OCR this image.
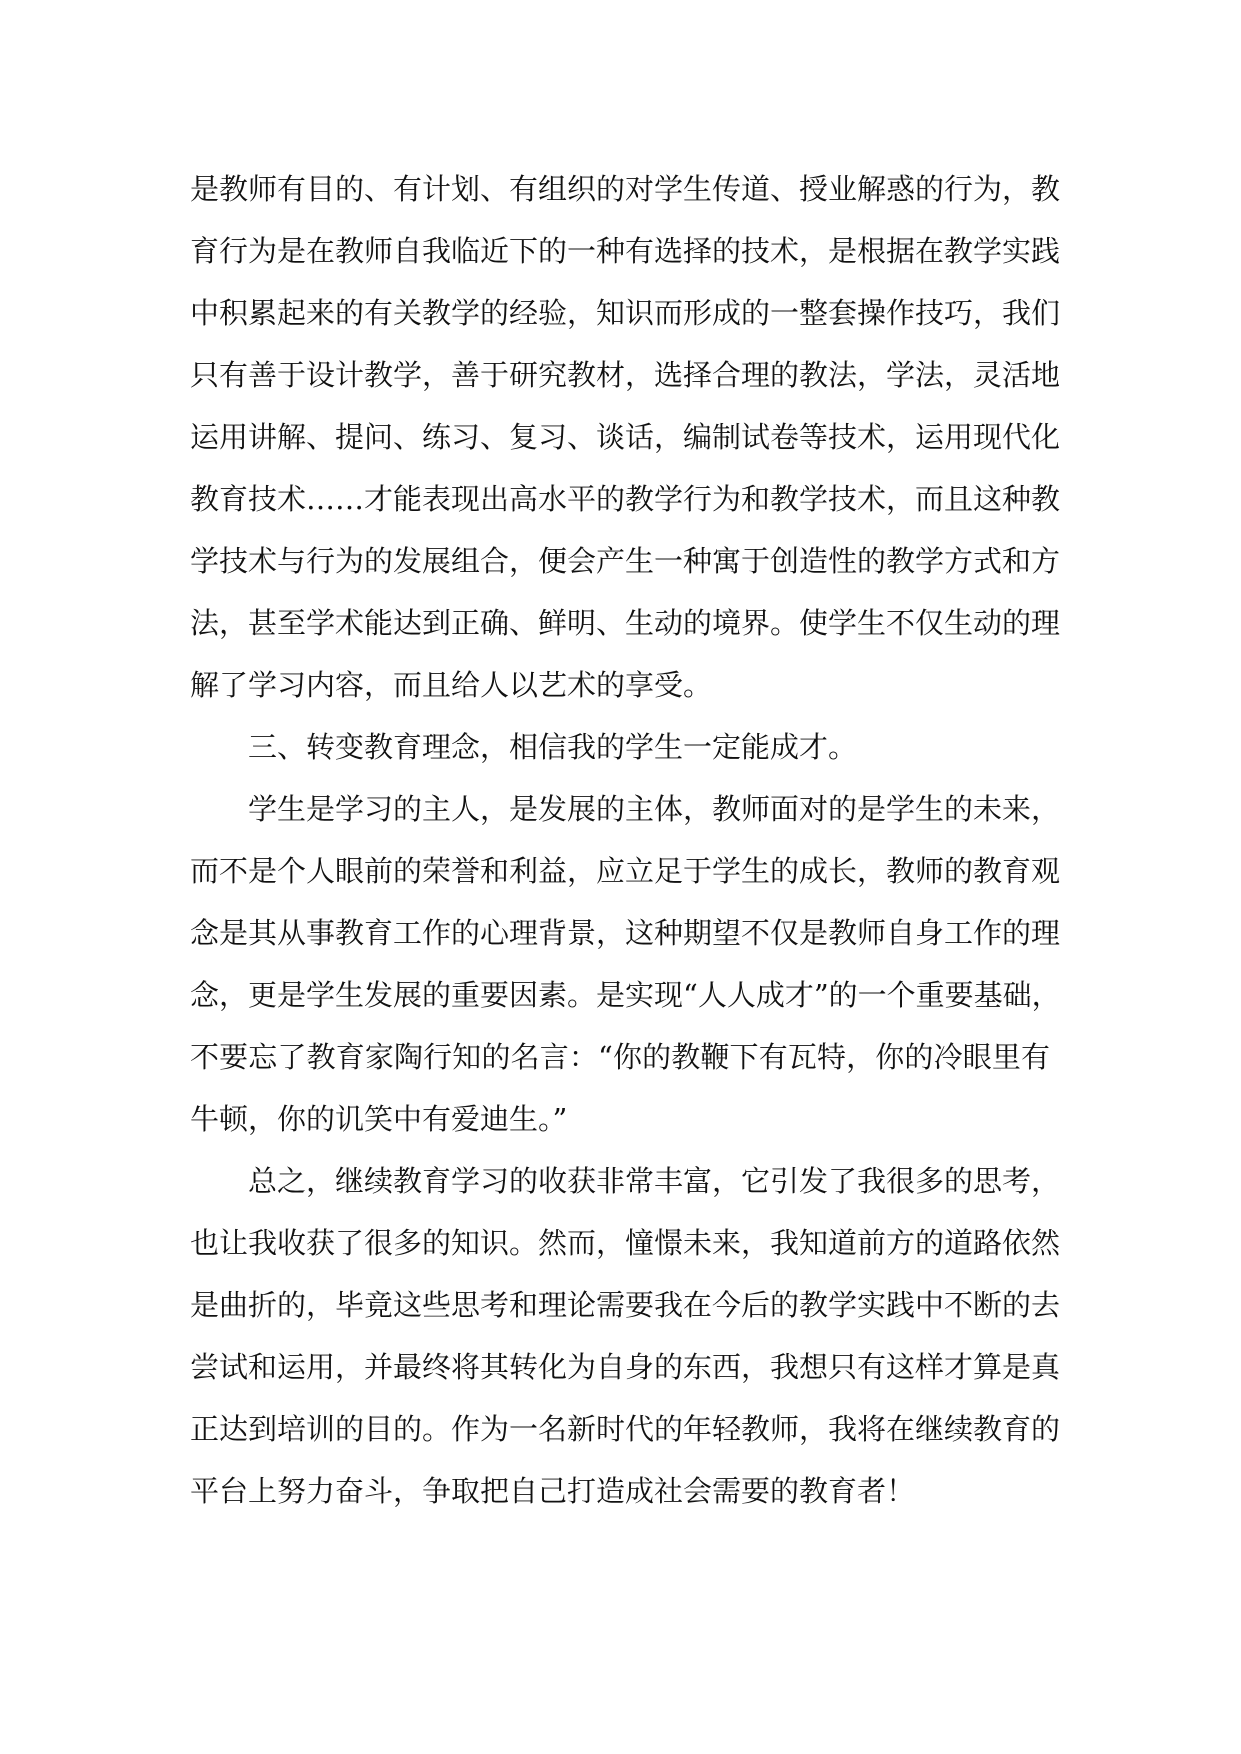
是教师有目的、有计划、有组织的对学生传道、授业解惑的行为，教
育行为是在教师自我临近下的一种有选择的技术，是根据在教学实践
中积累起来的有关教学的经验，知识而形成的一整套操作技巧，我们
只有善于设计教学，善于研究教材，选择合理的教法，学法，灵活地
运用讲解、提问、练习、复习、谈话，编制试卷等技术，运用现代化
教育技术……才能表现出高水平的教学行为和教学技术，而且这种教
学技术与行为的发展组合，便会产生一种寓于创造性的教学方式和方
法，甚至学术能达到正确、鲜明、生动的境界。使学生不仅生动的理
解了学习内容，而且给人以艺术的享受。
三、转变教育理念，相信我的学生一定能成才。
学生是学习的主人，是发展的主体，教师面对的是学生的未来，
而不是个人眼前的荣誉和利益，应立足于学生的成长，教师的教育观
念是其从事教育工作的心理背景，这种期望不仅是教师自身工作的理
念，更是学生发展的重要因素。是实现“人人成才”的一个重要基础，
不要忘了教育家陶行知的名言：“你的教鞭下有瓦特，你的冷眼里有
牛顿，你的讥笑中有爱迪生。”
总之，继续教育学习的收获非常丰富，它引发了我很多的思考，
也让我收获了很多的知识。然而，憧憬未来，我知道前方的道路依然
是曲折的，毕竟这些思考和理论需要我在今后的教学实践中不断的去
尝试和运用，并最终将其转化为自身的东西，我想只有这样才算是真
正达到培训的目的。作为一名新时代的年轻教师，我将在继续教育的
平台上努力奋斗，争取把自己打造成社会需要的教育者！
